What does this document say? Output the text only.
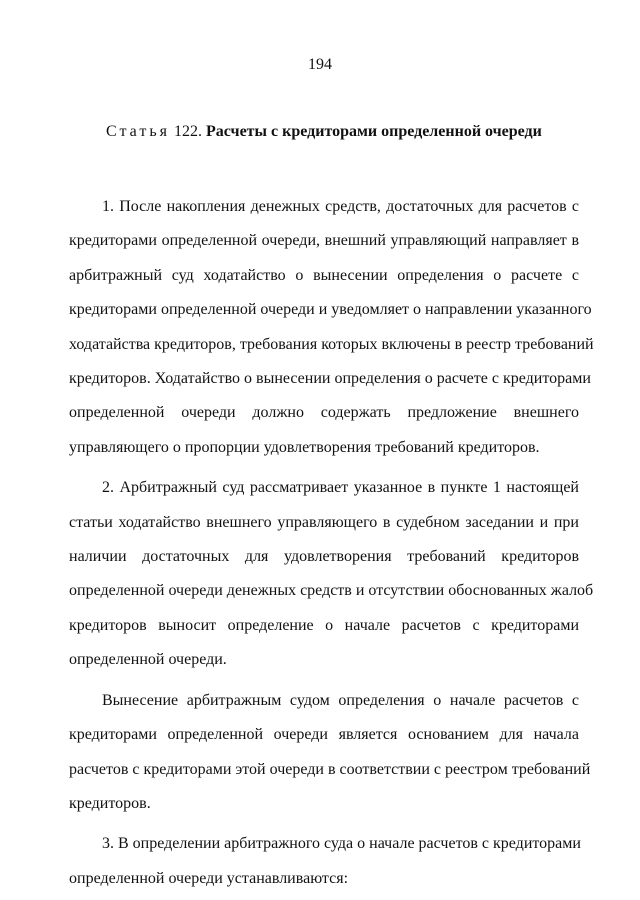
194
Статья 122. Расчеты с кредиторами определенной очереди
1. После накопления денежных средств, достаточных для расчетов с
кредиторами определенной очереди, внешний управляющий направляет в
арбитражный суд ходатайство о вынесении определения о расчете с
кредиторами определенной очереди и уведомляет о направлении указанного
ходатайства кредиторов, требования которых включены в реестр требований
кредиторов. Ходатайство о вынесении определения о расчете с кредиторами
определенной очереди должно содержать предложение внешнего
управляющего о пропорции удовлетворения требований кредиторов.
2. Арбитражный суд рассматривает указанное в пункте 1 настоящей
статьи ходатайство внешнего управляющего в судебном заседании и при
наличии достаточных для удовлетворения требований кредиторов
определенной очереди денежных средств и отсутствии обоснованных жалоб
кредиторов выносит определение о начале расчетов с кредиторами
определенной очереди.
Вынесение арбитражным судом определения о начале расчетов с
кредиторами определенной очереди является основанием для начала
расчетов с кредиторами этой очереди в соответствии с реестром требований
кредиторов.
3. В определении арбитражного суда о начале расчетов с кредиторами
определенной очереди устанавливаются:
